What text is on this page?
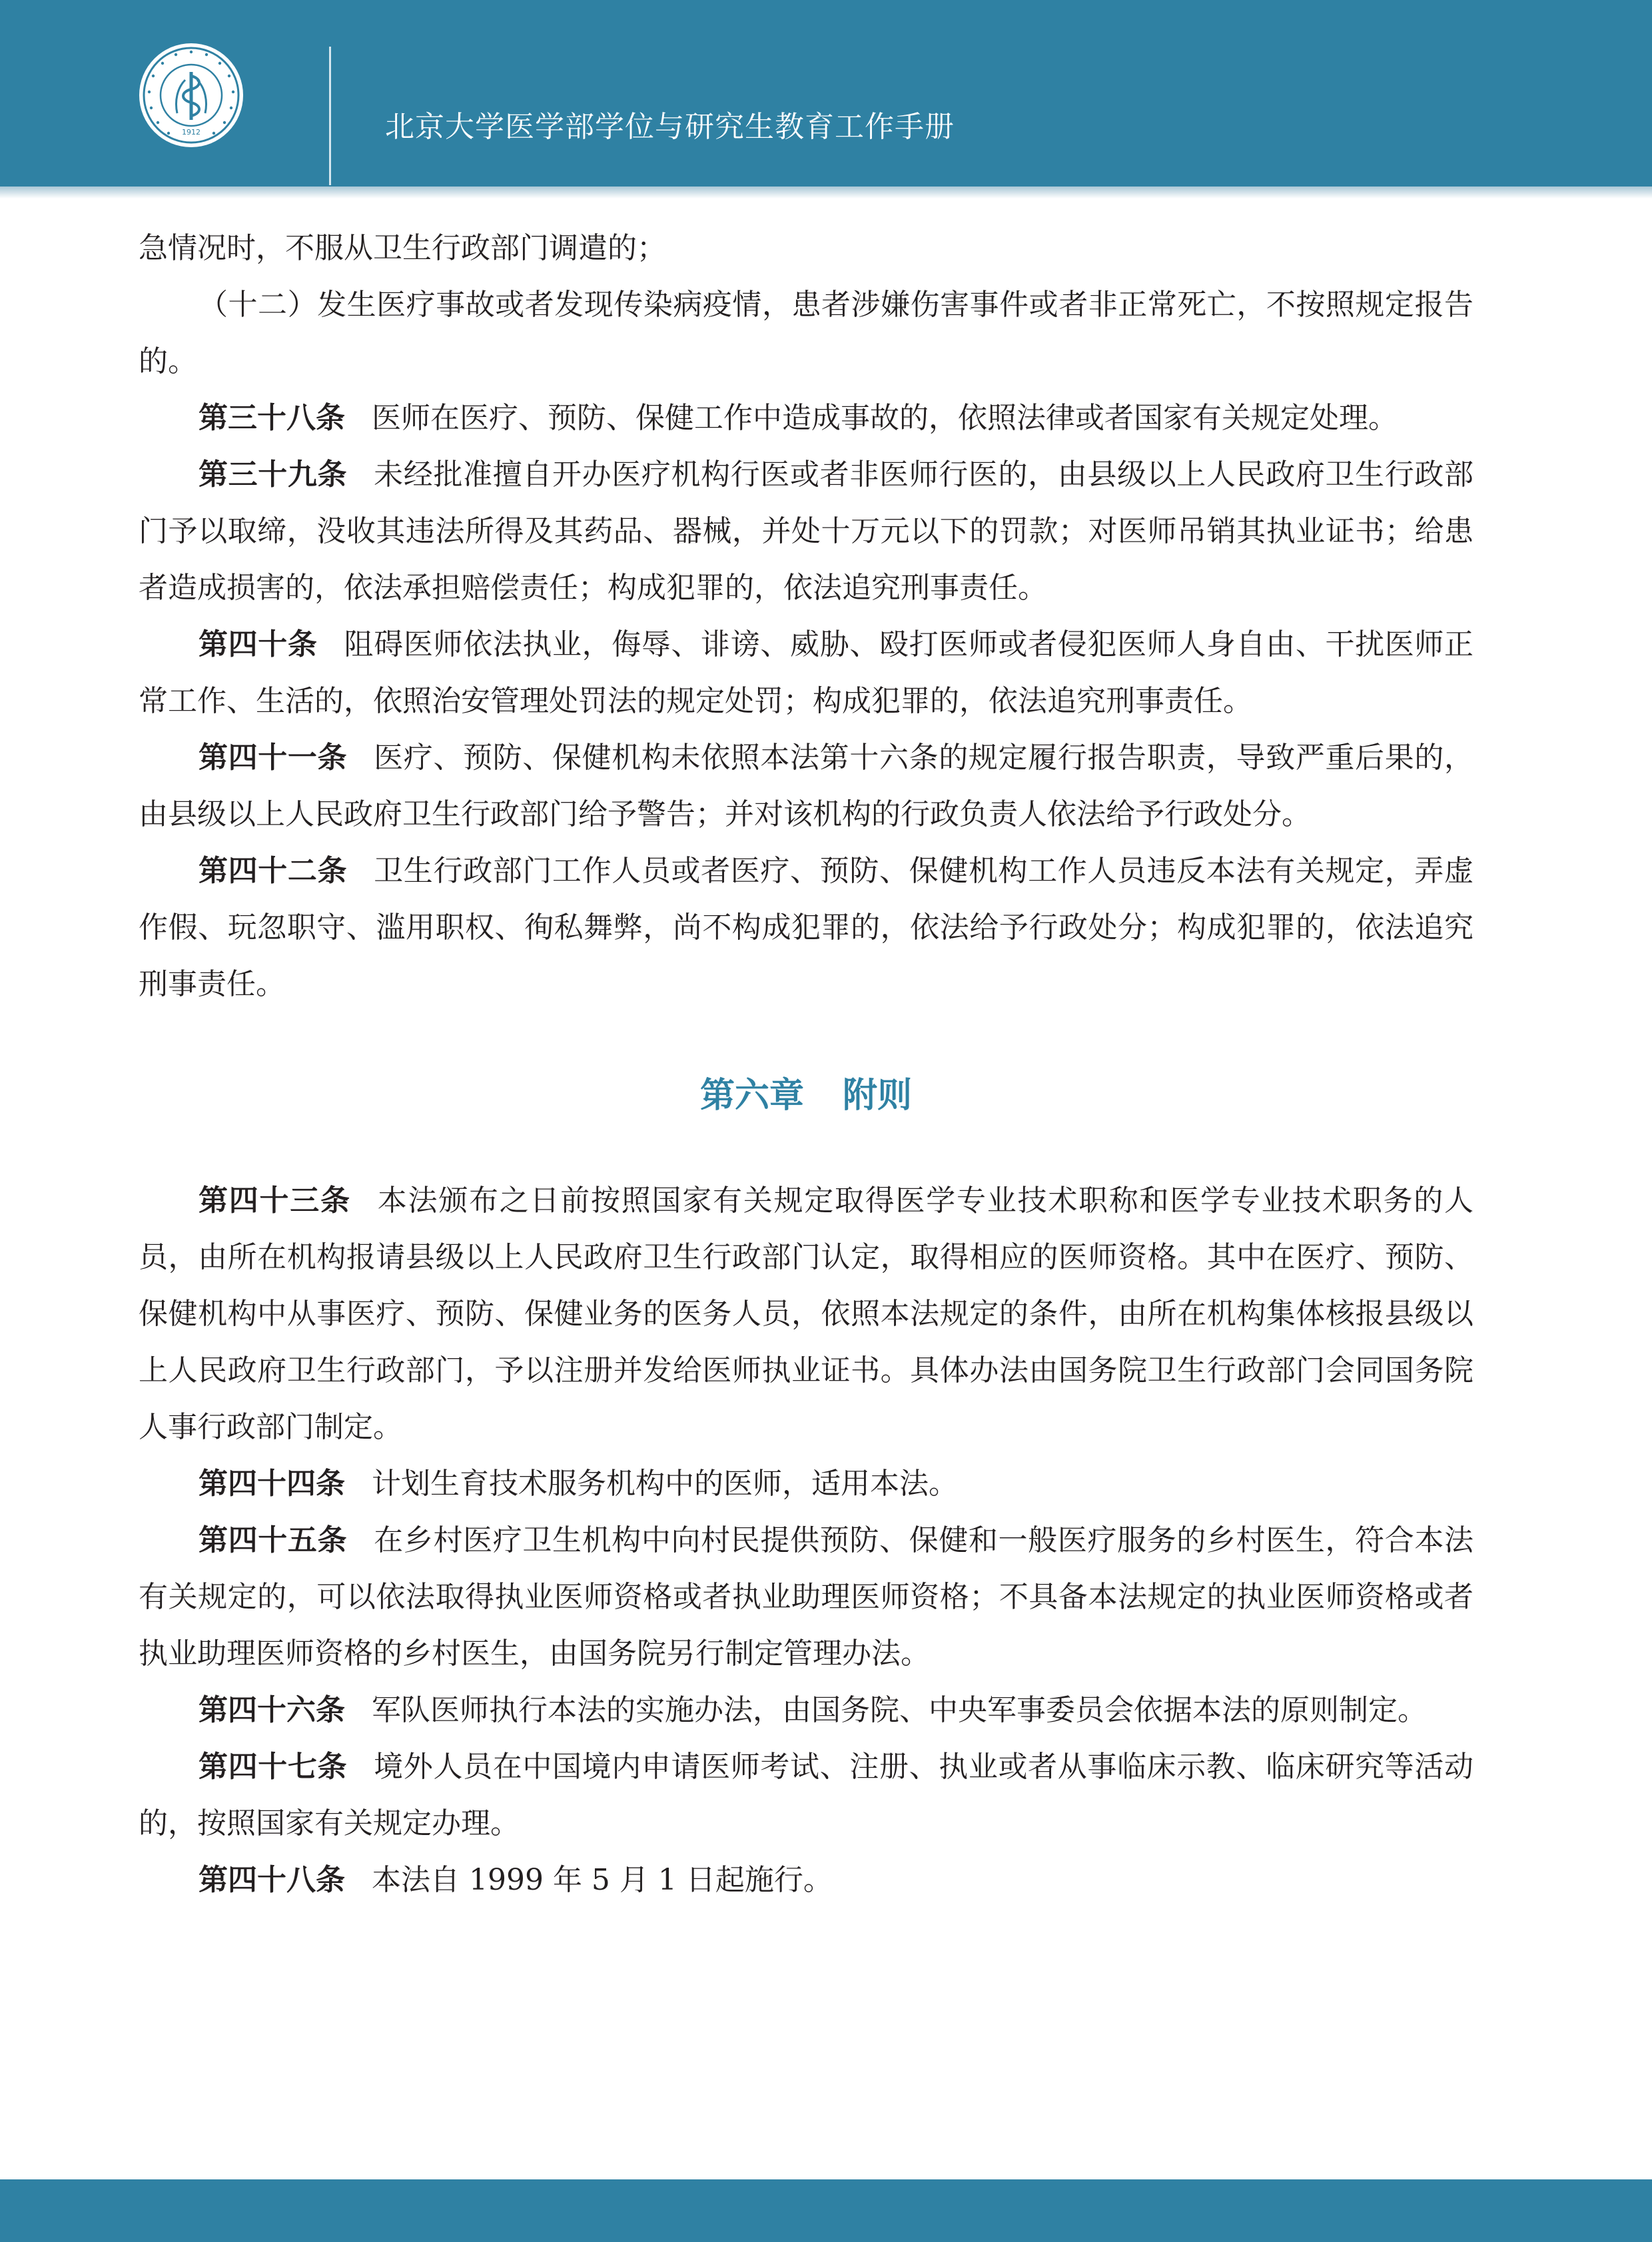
1912	北京大学医学部学位与研究生教育工作手册

急情况时，不服从卫生行政部门调遣的；

（十二）发生医疗事故或者发现传染病疫情，患者涉嫌伤害事件或者非正常死亡，不按照规定报告的。

第三十八条 医师在医疗、预防、保健工作中造成事故的，依照法律或者国家有关规定处理。

第三十九条 未经批准擅自开办医疗机构行医或者非医师行医的，由县级以上人民政府卫生行政部门予以取缔，没收其违法所得及其药品、器械，并处十万元以下的罚款；对医师吊销其执业证书；给患者造成损害的，依法承担赔偿责任；构成犯罪的，依法追究刑事责任。

第四十条 阻碍医师依法执业，侮辱、诽谤、威胁、殴打医师或者侵犯医师人身自由、干扰医师正常工作、生活的，依照治安管理处罚法的规定处罚；构成犯罪的，依法追究刑事责任。

第四十一条 医疗、预防、保健机构未依照本法第十六条的规定履行报告职责，导致严重后果的，由县级以上人民政府卫生行政部门给予警告；并对该机构的行政负责人依法给予行政处分。

第四十二条 卫生行政部门工作人员或者医疗、预防、保健机构工作人员违反本法有关规定，弄虚作假、玩忽职守、滥用职权、徇私舞弊，尚不构成犯罪的，依法给予行政处分；构成犯罪的，依法追究刑事责任。

第六章 附则

第四十三条 本法颁布之日前按照国家有关规定取得医学专业技术职称和医学专业技术职务的人员，由所在机构报请县级以上人民政府卫生行政部门认定，取得相应的医师资格。其中在医疗、预防、保健机构中从事医疗、预防、保健业务的医务人员，依照本法规定的条件，由所在机构集体核报县级以上人民政府卫生行政部门，予以注册并发给医师执业证书。具体办法由国务院卫生行政部门会同国务院人事行政部门制定。

第四十四条 计划生育技术服务机构中的医师，适用本法。

第四十五条 在乡村医疗卫生机构中向村民提供预防、保健和一般医疗服务的乡村医生，符合本法有关规定的，可以依法取得执业医师资格或者执业助理医师资格；不具备本法规定的执业医师资格或者执业助理医师资格的乡村医生，由国务院另行制定管理办法。

第四十六条 军队医师执行本法的实施办法，由国务院、中央军事委员会依据本法的原则制定。

第四十七条 境外人员在中国境内申请医师考试、注册、执业或者从事临床示教、临床研究等活动的，按照国家有关规定办理。

第四十八条 本法自 1999 年 5 月 1 日起施行。
